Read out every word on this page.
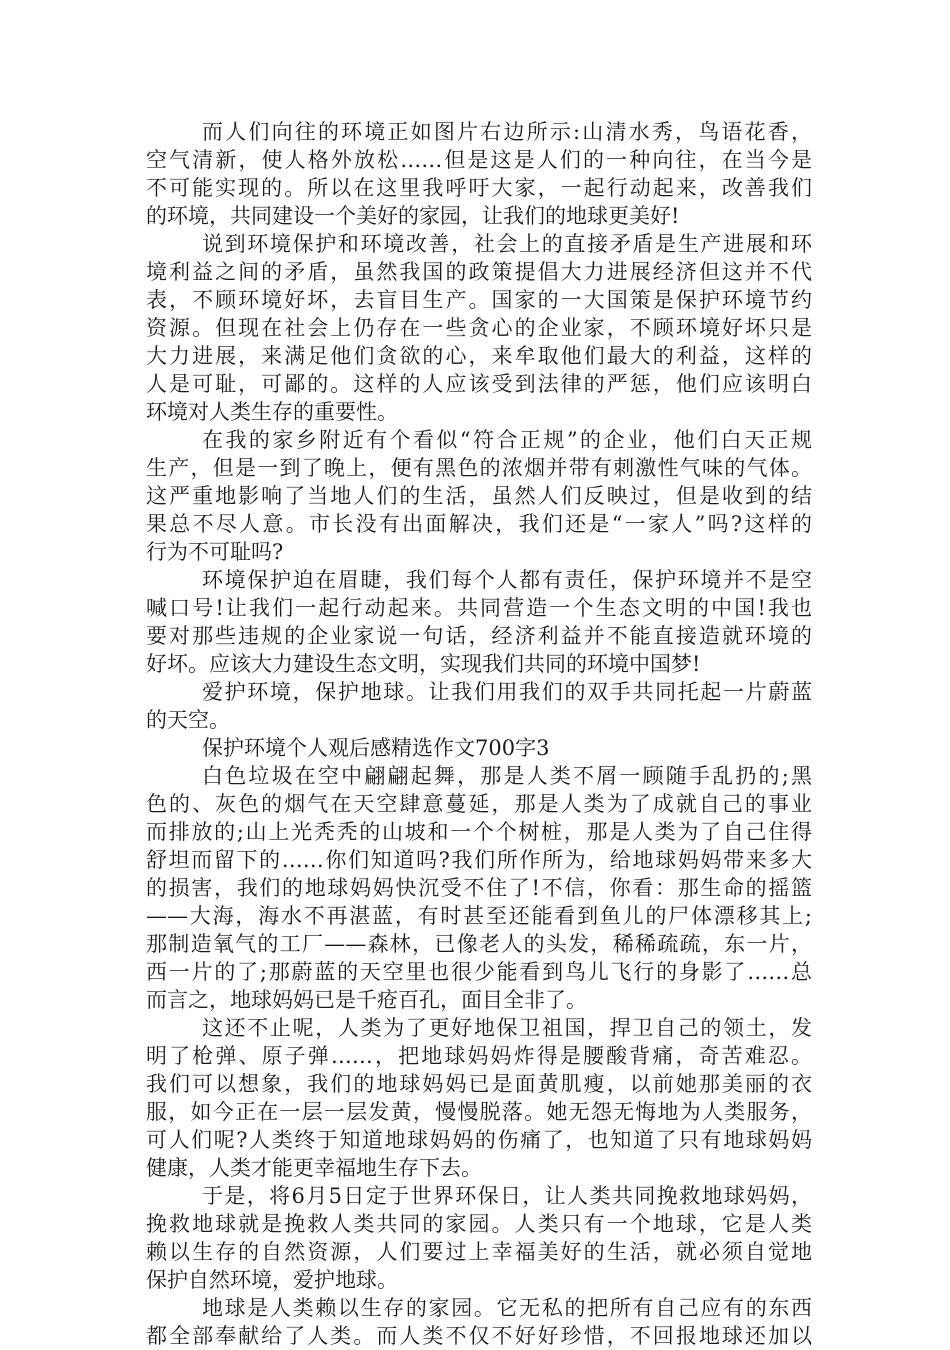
而人们向往的环境正如图片右边所示:山清水秀，鸟语花香，
空气清新，使人格外放松……但是这是人们的一种向往，在当今是
不可能实现的。所以在这里我呼吁大家，一起行动起来，改善我们
的环境，共同建设一个美好的家园，让我们的地球更美好!
说到环境保护和环境改善，社会上的直接矛盾是生产进展和环
境利益之间的矛盾，虽然我国的政策提倡大力进展经济但这并不代
表，不顾环境好坏，去盲目生产。国家的一大国策是保护环境节约
资源。但现在社会上仍存在一些贪心的企业家，不顾环境好坏只是
大力进展，来满足他们贪欲的心，来牟取他们最大的利益，这样的
人是可耻，可鄙的。这样的人应该受到法律的严惩，他们应该明白
环境对人类生存的重要性。
在我的家乡附近有个看似“符合正规”的企业，他们白天正规
生产，但是一到了晚上，便有黑色的浓烟并带有刺激性气味的气体。
这严重地影响了当地人们的生活，虽然人们反映过，但是收到的结
果总不尽人意。市长没有出面解决，我们还是“一家人”吗?这样的
行为不可耻吗?
环境保护迫在眉睫，我们每个人都有责任，保护环境并不是空
喊口号!让我们一起行动起来。共同营造一个生态文明的中国!我也
要对那些违规的企业家说一句话，经济利益并不能直接造就环境的
好坏。应该大力建设生态文明，实现我们共同的环境中国梦!
爱护环境，保护地球。让我们用我们的双手共同托起一片蔚蓝
的天空。
保护环境个人观后感精选作文700字3
白色垃圾在空中翩翩起舞，那是人类不屑一顾随手乱扔的;黑
色的、灰色的烟气在天空肆意蔓延，那是人类为了成就自己的事业
而排放的;山上光秃秃的山坡和一个个树桩，那是人类为了自己住得
舒坦而留下的……你们知道吗?我们所作所为，给地球妈妈带来多大
的损害，我们的地球妈妈快沉受不住了!不信，你看：那生命的摇篮
——大海，海水不再湛蓝，有时甚至还能看到鱼儿的尸体漂移其上;
那制造氧气的工厂——森林，已像老人的头发，稀稀疏疏，东一片，
西一片的了;那蔚蓝的天空里也很少能看到鸟儿飞行的身影了……总
而言之，地球妈妈已是千疮百孔，面目全非了。
这还不止呢，人类为了更好地保卫祖国，捍卫自己的领土，发
明了枪弹、原子弹……，把地球妈妈炸得是腰酸背痛，奇苦难忍。
我们可以想象，我们的地球妈妈已是面黄肌瘦，以前她那美丽的衣
服，如今正在一层一层发黄，慢慢脱落。她无怨无悔地为人类服务，
可人们呢?人类终于知道地球妈妈的伤痛了，也知道了只有地球妈妈
健康，人类才能更幸福地生存下去。
于是，将6月5日定于世界环保日，让人类共同挽救地球妈妈，
挽救地球就是挽救人类共同的家园。人类只有一个地球，它是人类
赖以生存的自然资源，人们要过上幸福美好的生活，就必须自觉地
保护自然环境，爱护地球。
地球是人类赖以生存的家园。它无私的把所有自己应有的东西
都全部奉献给了人类。而人类不仅不好好珍惜，不回报地球还加以
